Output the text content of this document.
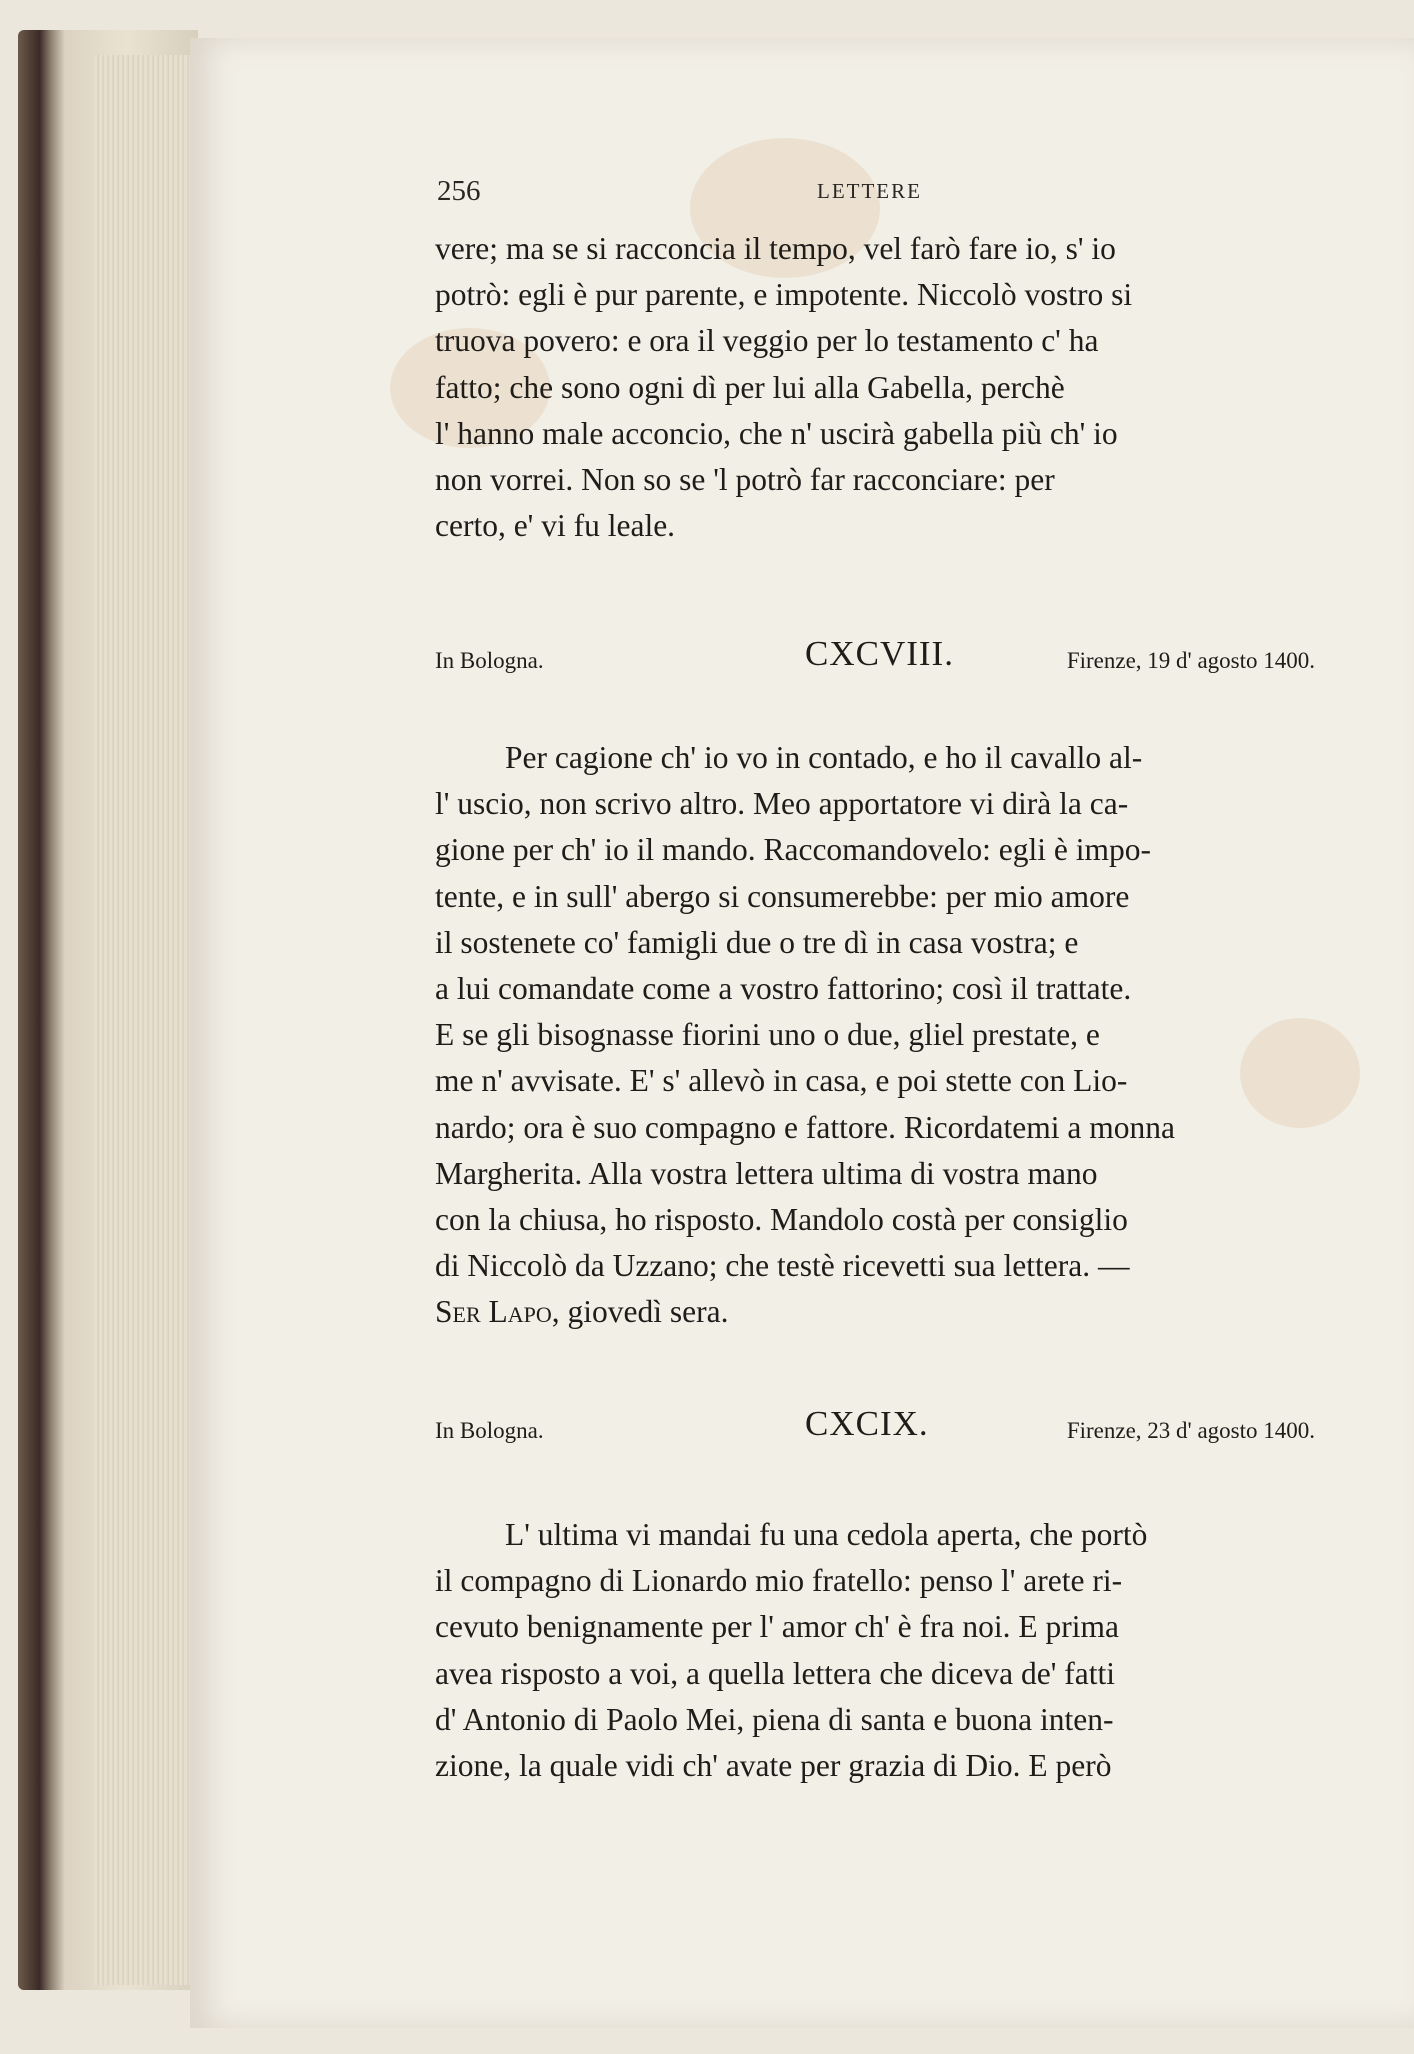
256	LETTERE

vere; ma se si racconcia il tempo, vel farò fare io, s' io

potrò: egli è pur parente, e impotente. Niccolò vostro si

truova povero: e ora il veggio per lo testamento c' ha

fatto; che sono ogni dì per lui alla Gabella, perchè

l' hanno male acconcio, che n' uscirà gabella più ch' io

non vorrei. Non so se 'l potrò far racconciare: per

certo, e' vi fu leale.

In Bologna.	CXCVIII.	Firenze, 19 d' agosto 1400.

Per cagione ch' io vo in contado, e ho il cavallo al-

l' uscio, non scrivo altro. Meo apportatore vi dirà la ca-

gione per ch' io il mando. Raccomandovelo: egli è impo-

tente, e in sull' abergo si consumerebbe: per mio amore

il sostenete co' famigli due o tre dì in casa vostra; e

a lui comandate come a vostro fattorino; così il trattate.

E se gli bisognasse fiorini uno o due, gliel prestate, e

me n' avvisate. E' s' allevò in casa, e poi stette con Lio-

nardo; ora è suo compagno e fattore. Ricordatemi a monna

Margherita. Alla vostra lettera ultima di vostra mano

con la chiusa, ho risposto. Mandolo costà per consiglio

di Niccolò da Uzzano; che testè ricevetti sua lettera. —

Ser Lapo, giovedì sera.

In Bologna.	CXCIX.	Firenze, 23 d' agosto 1400.

L' ultima vi mandai fu una cedola aperta, che portò

il compagno di Lionardo mio fratello: penso l' arete ri-

cevuto benignamente per l' amor ch' è fra noi. E prima

avea risposto a voi, a quella lettera che diceva de' fatti

d' Antonio di Paolo Mei, piena di santa e buona inten-

zione, la quale vidi ch' avate per grazia di Dio. E però
